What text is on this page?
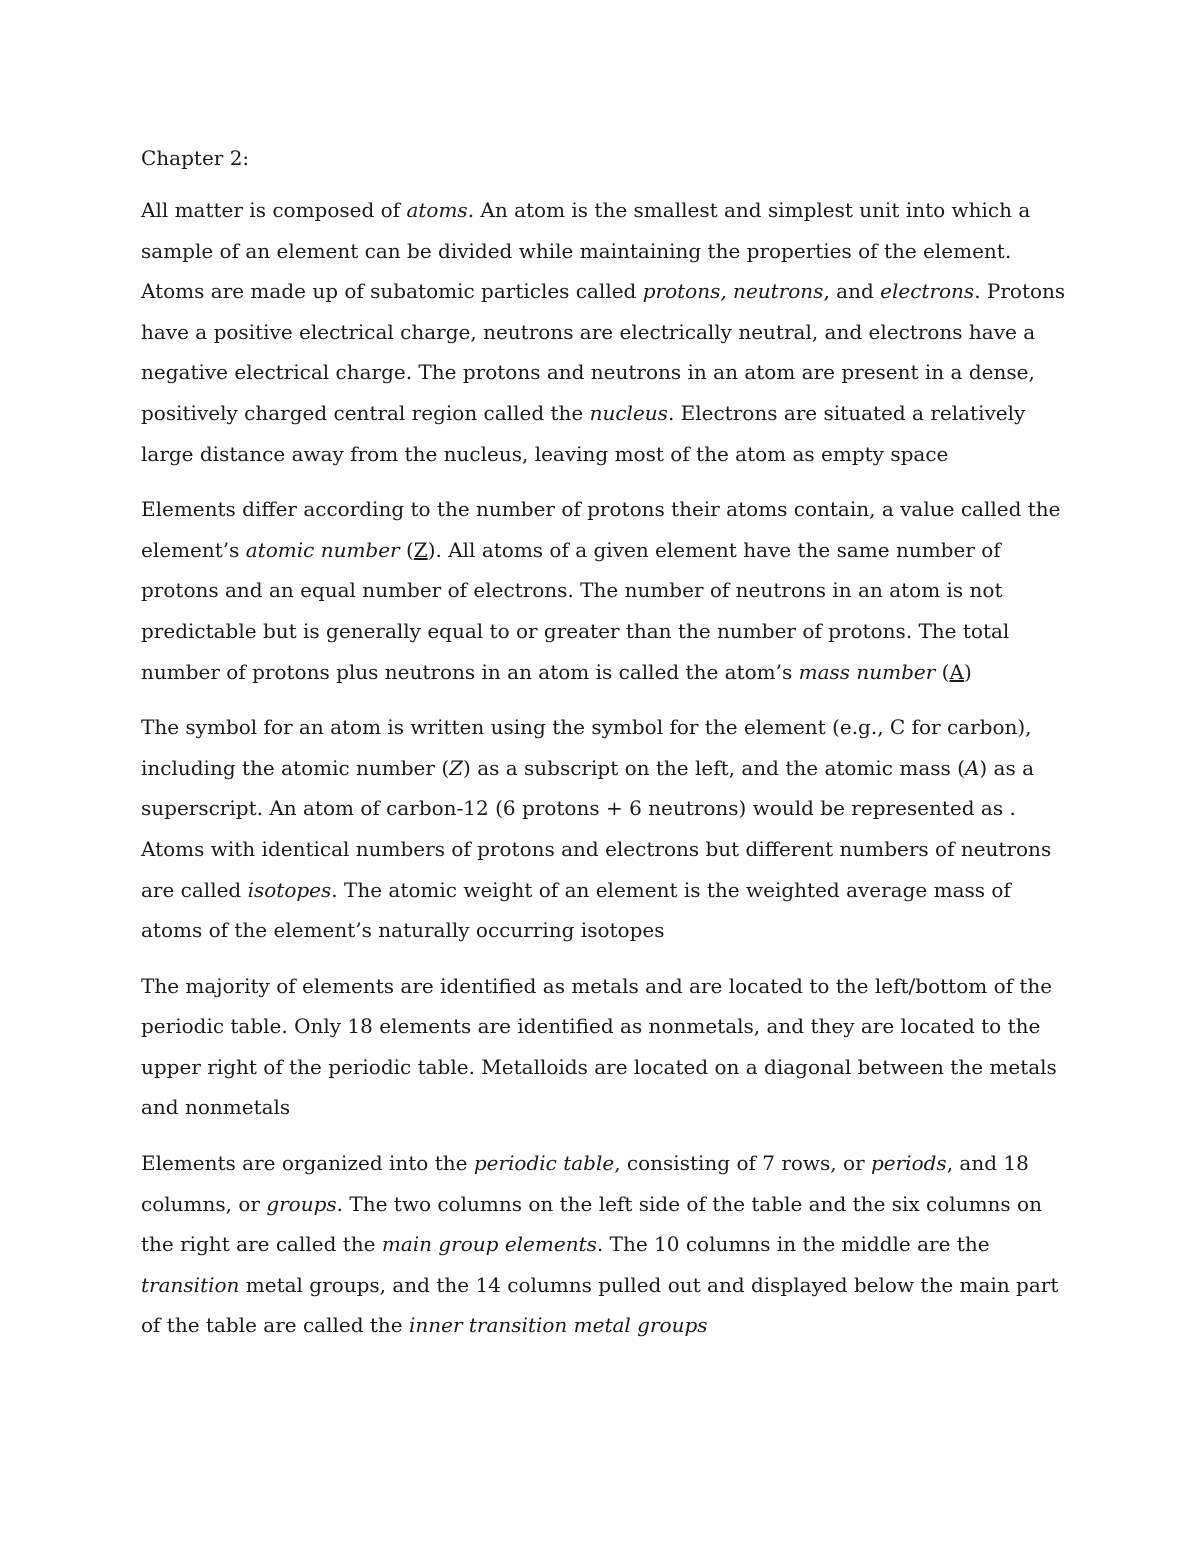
Chapter 2:

All matter is composed of atoms. An atom is the smallest and simplest unit into which a sample of an element can be divided while maintaining the properties of the element. Atoms are made up of subatomic particles called protons, neutrons, and electrons. Protons have a positive electrical charge, neutrons are electrically neutral, and electrons have a negative electrical charge. The protons and neutrons in an atom are present in a dense, positively charged central region called the nucleus. Electrons are situated a relatively large distance away from the nucleus, leaving most of the atom as empty space

Elements differ according to the number of protons their atoms contain, a value called the element’s atomic number (Z). All atoms of a given element have the same number of protons and an equal number of electrons. The number of neutrons in an atom is not predictable but is generally equal to or greater than the number of protons. The total number of protons plus neutrons in an atom is called the atom’s mass number (A)

The symbol for an atom is written using the symbol for the element (e.g., C for carbon), including the atomic number (Z) as a subscript on the left, and the atomic mass (A) as a superscript. An atom of carbon-12 (6 protons + 6 neutrons) would be represented as . Atoms with identical numbers of protons and electrons but different numbers of neutrons are called isotopes. The atomic weight of an element is the weighted average mass of atoms of the element’s naturally occurring isotopes

The majority of elements are identified as metals and are located to the left/bottom of the periodic table. Only 18 elements are identified as nonmetals, and they are located to the upper right of the periodic table. Metalloids are located on a diagonal between the metals and nonmetals

Elements are organized into the periodic table, consisting of 7 rows, or periods, and 18 columns, or groups. The two columns on the left side of the table and the six columns on the right are called the main group elements. The 10 columns in the middle are the transition metal groups, and the 14 columns pulled out and displayed below the main part of the table are called the inner transition metal groups
